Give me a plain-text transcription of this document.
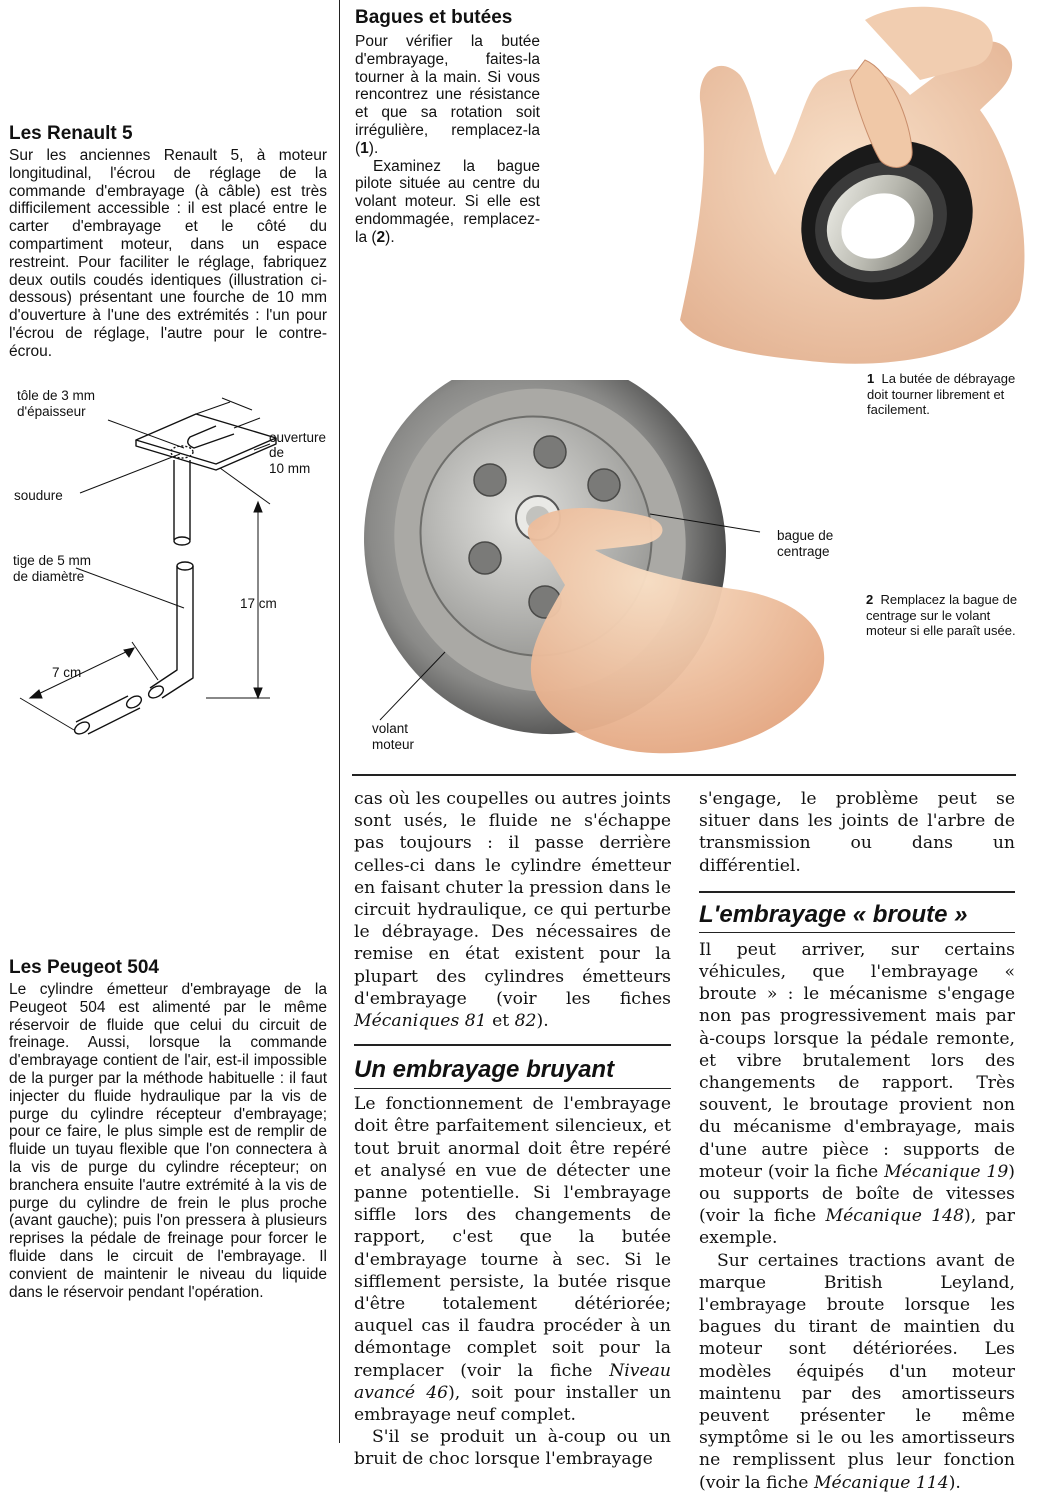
Les Renault 5

Sur les anciennes Renault 5, à moteur longitudinal, l'écrou de réglage de la commande d'embrayage (à câble) est très difficilement accessible : il est placé entre le carter d'embrayage et le côté du compartiment moteur, dans un espace restreint. Pour faciliter le réglage, fabriquez deux outils coudés identiques (illustration ci-dessous) présentant une fourche de 10 mm d'ouverture à l'une des extrémités : l'un pour l'écrou de réglage, l'autre pour le contre-écrou.

tôle de 3 mm d'épaisseur
ouverture
de
10 mm
soudure
tige de 5 mm
de diamètre
17 cm
7 cm
Les Peugeot 504

Le cylindre émetteur d'embrayage de la Peugeot 504 est alimenté par le même réservoir de fluide que celui du circuit de freinage. Aussi, lorsque la commande d'embrayage contient de l'air, est-il impossible de la purger par la méthode habituelle : il faut injecter du fluide hydraulique par la vis de purge du cylindre récepteur d'embrayage; pour ce faire, le plus simple est de remplir de fluide un tuyau flexible que l'on connectera à la vis de purge du cylindre récepteur; on branchera ensuite l'autre extrémité à la vis de purge du cylindre de frein le plus proche (avant gauche); puis l'on pressera à plusieurs reprises la pédale de freinage pour forcer le fluide dans le circuit de l'embrayage. Il convient de maintenir le niveau du liquide dans le réservoir pendant l'opération.

Bagues et butées

Pour vérifier la butée d'embrayage, faites-la tourner à la main. Si vous rencontrez une résistance et que sa rotation soit irrégulière, remplacez-la (1).

Examinez la bague pilote située au centre du volant moteur. Si elle est endommagée, remplacez-la (2).

1 La butée de débrayage doit tourner librement et facilement.
bague de centrage
2 Remplacez la bague de centrage sur le volant moteur si elle paraît usée.
volant moteur
cas où les coupelles ou autres joints sont usés, le fluide ne s'échappe pas toujours : il passe derrière celles-ci dans le cylindre émetteur en faisant chuter la pression dans le circuit hydraulique, ce qui perturbe le débrayage. Des nécessaires de remise en état existent pour la plupart des cylindres émetteurs d'embrayage (voir les fiches Mécaniques 81 et 82).
Un embrayage bruyant
Le fonctionnement de l'embrayage doit être parfaitement silencieux, et tout bruit anormal doit être repéré et analysé en vue de détecter une panne potentielle. Si l'embrayage siffle lors des changements de rapport, c'est que la butée d'embrayage tourne à sec. Si le sifflement persiste, la butée risque d'être totalement détériorée; auquel cas il faudra procéder à un démontage complet soit pour la remplacer (voir la fiche Niveau avancé 46), soit pour installer un embrayage neuf complet.
S'il se produit un à-coup ou un bruit de choc lorsque l'embrayage
s'engage, le problème peut se situer dans les joints de l'arbre de transmission ou dans un différentiel.
L'embrayage « broute »
Il peut arriver, sur certains véhicules, que l'embrayage « broute » : le mécanisme s'engage non pas progressivement mais par à-coups lorsque la pédale remonte, et vibre brutalement lors des changements de rapport. Très souvent, le broutage provient non du mécanisme d'embrayage, mais d'une autre pièce : supports de moteur (voir la fiche Mécanique 19) ou supports de boîte de vitesses (voir la fiche Mécanique 148), par exemple.
Sur certaines tractions avant de marque British Leyland, l'embrayage broute lorsque les bagues du tirant de maintien du moteur sont détériorées. Les modèles équipés d'un moteur maintenu par des amortisseurs peuvent présenter le même symptôme si le ou les amortisseurs ne remplissent plus leur fonction (voir la fiche Mécanique 114).
